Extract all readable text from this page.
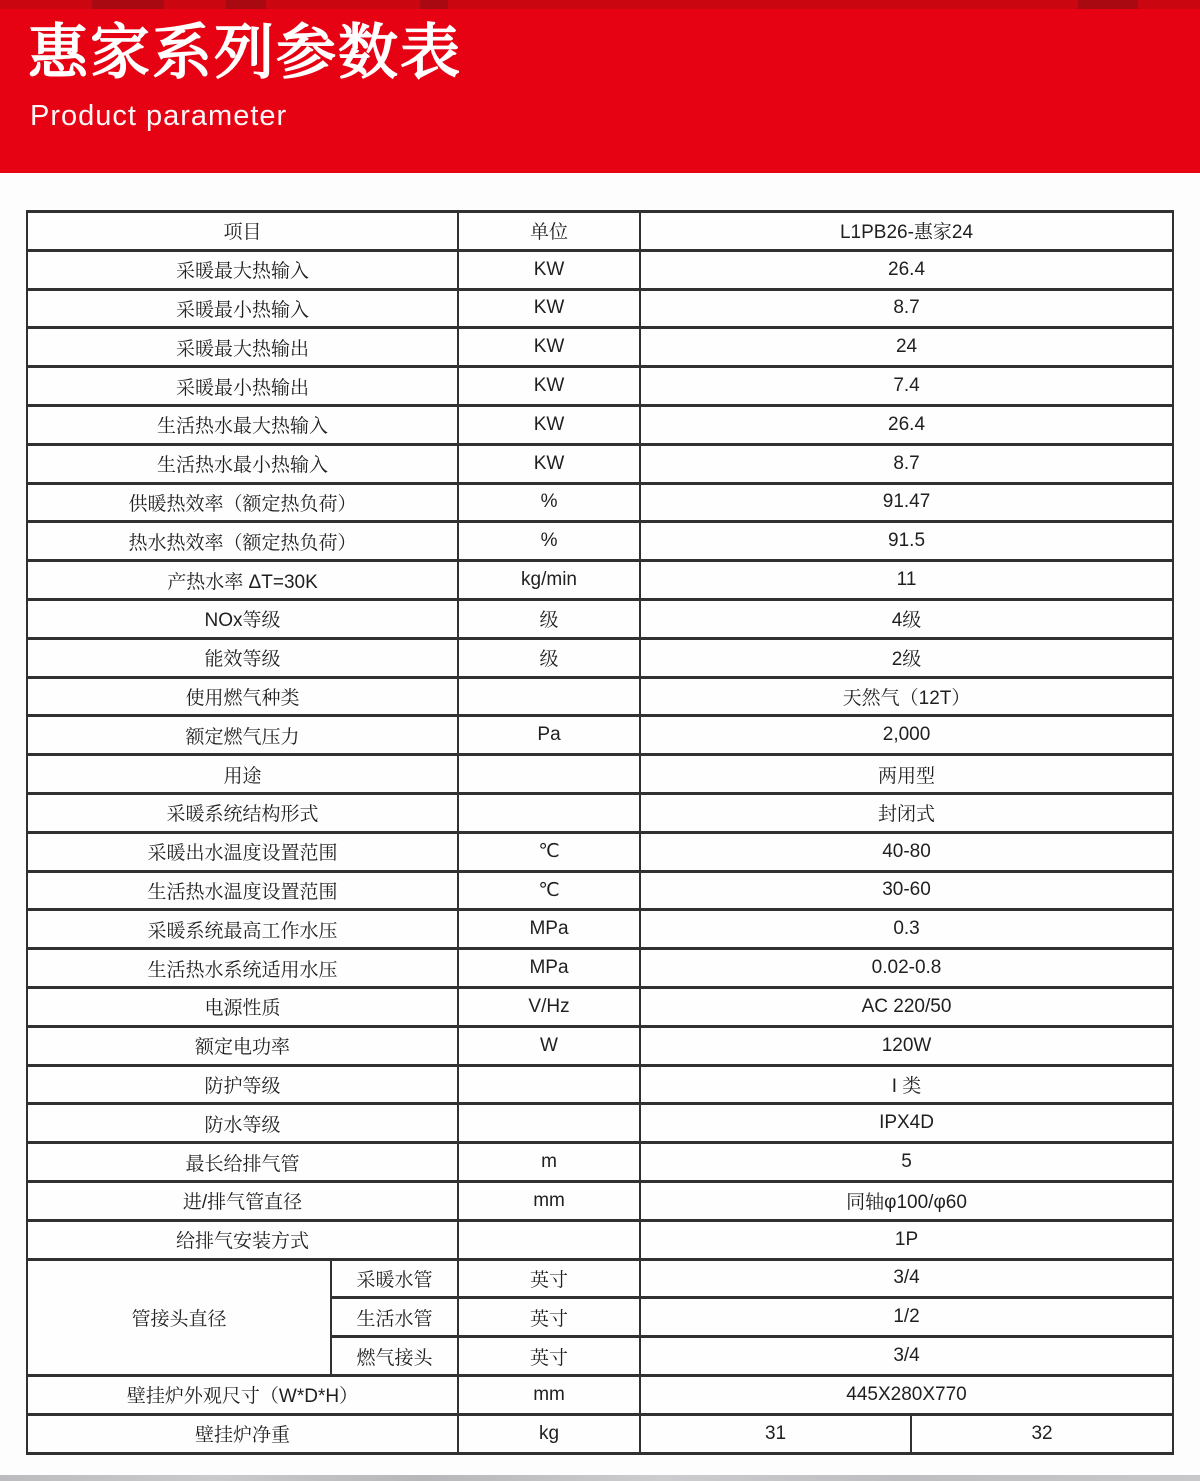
惠家系列参数表

Product parameter

项目		单位	L1PB26-惠家24	
采暖最大热输入		KW	26.4	
采暖最小热输入		KW	8.7	
采暖最大热输出		KW	24	
采暖最小热输出		KW	7.4	
生活热水最大热输入		KW	26.4	
生活热水最小热输入		KW	8.7	
供暖热效率（额定热负荷）		%	91.47	
热水热效率（额定热负荷）		%	91.5	
产热水率 ΔT=30K		kg/min	11	
NOx等级		级	4级	
能效等级		级	2级	
使用燃气种类			天然气（12T）	
额定燃气压力		Pa	2,000	
用途			两用型	
采暖系统结构形式			封闭式	
采暖出水温度设置范围		℃	40-80	
生活热水温度设置范围		℃	30-60	
采暖系统最高工作水压		MPa	0.3	
生活热水系统适用水压		MPa	0.02-0.8	
电源性质		V/Hz	AC 220/50	
额定电功率		W	120W	
防护等级			I 类	
防水等级			IPX4D	
最长给排气管		m	5	
进/排气管直径		mm	同轴φ100/φ60	
给排气安装方式			1P	
管接头直径	采暖水管	英寸	3/4	
	生活水管	英寸	1/2	
	燃气接头	英寸	3/4	
壁挂炉外观尺寸（W*D*H）		mm	445X280X770	
壁挂炉净重		kg	31	32
